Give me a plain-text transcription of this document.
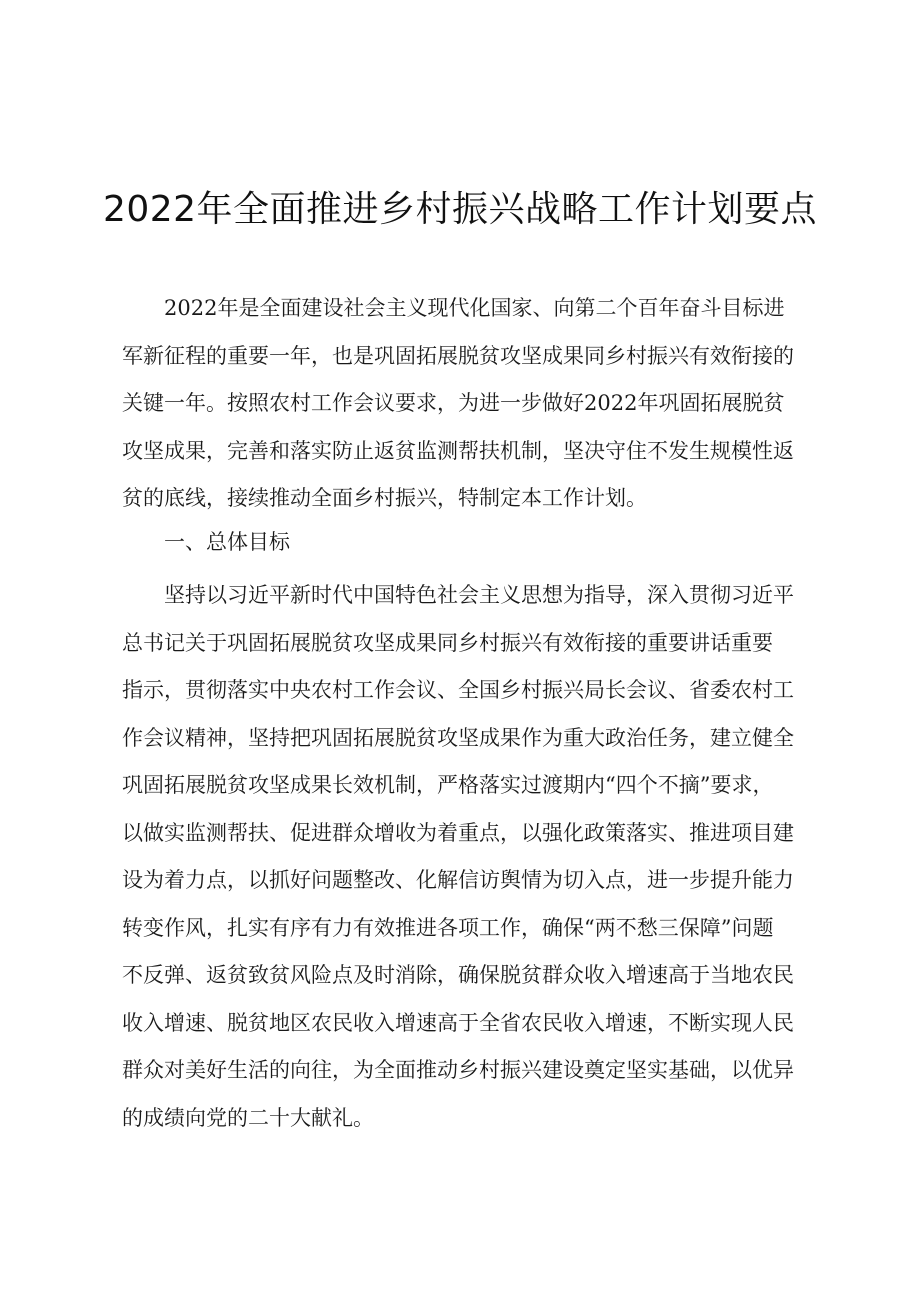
2022年全面推进乡村振兴战略工作计划要点
　　2022年是全面建设社会主义现代化国家、向第二个百年奋斗目标进
军新征程的重要一年，也是巩固拓展脱贫攻坚成果同乡村振兴有效衔接的
关键一年。按照农村工作会议要求，为进一步做好2022年巩固拓展脱贫
攻坚成果，完善和落实防止返贫监测帮扶机制，坚决守住不发生规模性返
贫的底线，接续推动全面乡村振兴，特制定本工作计划。
　　一、总体目标
　　坚持以习近平新时代中国特色社会主义思想为指导，深入贯彻习近平
总书记关于巩固拓展脱贫攻坚成果同乡村振兴有效衔接的重要讲话重要
指示，贯彻落实中央农村工作会议、全国乡村振兴局长会议、省委农村工
作会议精神，坚持把巩固拓展脱贫攻坚成果作为重大政治任务，建立健全
巩固拓展脱贫攻坚成果长效机制，严格落实过渡期内“四个不摘”要求，
以做实监测帮扶、促进群众增收为着重点，以强化政策落实、推进项目建
设为着力点，以抓好问题整改、化解信访舆情为切入点，进一步提升能力
转变作风，扎实有序有力有效推进各项工作，确保“两不愁三保障”问题
不反弹、返贫致贫风险点及时消除，确保脱贫群众收入增速高于当地农民
收入增速、脱贫地区农民收入增速高于全省农民收入增速，不断实现人民
群众对美好生活的向往，为全面推动乡村振兴建设奠定坚实基础，以优异
的成绩向党的二十大献礼。
